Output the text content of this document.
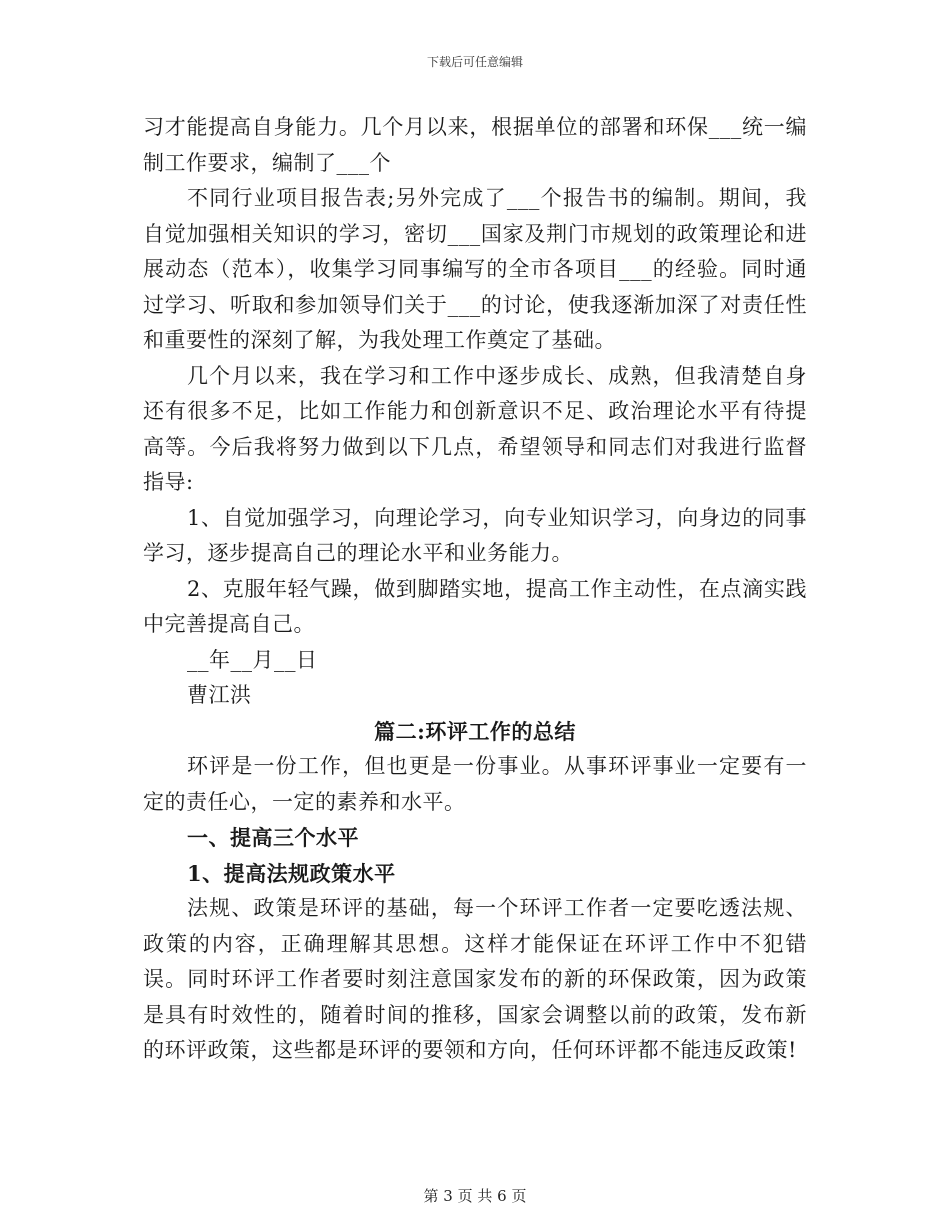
下载后可任意编辑

习才能提高自身能力。几个月以来，根据单位的部署和环保___统一编制工作要求，编制了___个

不同行业项目报告表;另外完成了___个报告书的编制。期间，我自觉加强相关知识的学习，密切___国家及荆门市规划的政策理论和进展动态（范本），收集学习同事编写的全市各项目___的经验。同时通过学习、听取和参加领导们关于___的讨论，使我逐渐加深了对责任性和重要性的深刻了解，为我处理工作奠定了基础。

几个月以来，我在学习和工作中逐步成长、成熟，但我清楚自身还有很多不足，比如工作能力和创新意识不足、政治理论水平有待提高等。今后我将努力做到以下几点，希望领导和同志们对我进行监督指导:

1、自觉加强学习，向理论学习，向专业知识学习，向身边的同事学习，逐步提高自己的理论水平和业务能力。

2、克服年轻气躁，做到脚踏实地，提高工作主动性，在点滴实践中完善提高自己。

__年__月__日

曹江洪

篇二:环评工作的总结

环评是一份工作，但也更是一份事业。从事环评事业一定要有一定的责任心，一定的素养和水平。

一、提高三个水平

1、提高法规政策水平

法规、政策是环评的基础，每一个环评工作者一定要吃透法规、政策的内容，正确理解其思想。这样才能保证在环评工作中不犯错误。同时环评工作者要时刻注意国家发布的新的环保政策，因为政策是具有时效性的，随着时间的推移，国家会调整以前的政策，发布新的环评政策，这些都是环评的要领和方向，任何环评都不能违反政策!

第 3 页 共 6 页
